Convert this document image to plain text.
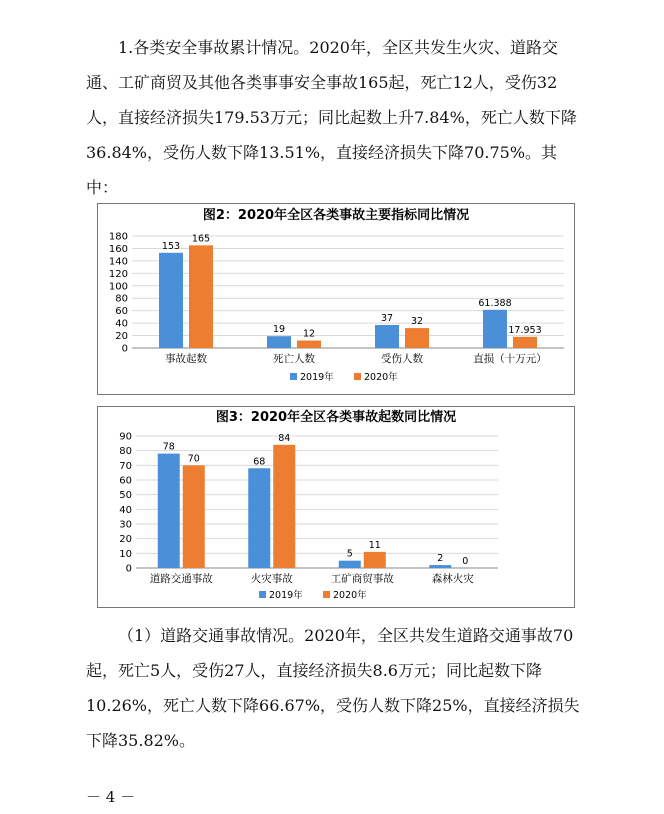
1.各类安全事故累计情况。2020年，全区共发生火灾、道路交通、工矿商贸及其他各类事事安全事故165起，死亡12人，受伤32人，直接经济损失179.53万元；同比起数上升7.84%，死亡人数下降36.84%，受伤人数下降13.51%，直接经济损失下降70.75%。其中：

图2：2020年全区各类事故主要指标同比情况
0
20
40
60
80
100
120
140
160
180
153
165
事故起数
19 12
死亡人数
37 32
受伤人数
61.388
17.953
直损（十万元）
2019年	2020年
图3：2020年全区各类事故起数同比情况
0
10
20
30
40
50
60
70
80
90
78
70
道路交通事故
68
84
火灾事故
5
11
工矿商贸事故
2 0
森林火灾
2019年	2020年

（1）道路交通事故情况。2020年，全区共发生道路交通事故70起，死亡5人，受伤27人，直接经济损失8.6万元；同比起数下降10.26%，死亡人数下降66.67%，受伤人数下降25%，直接经济损失下降35.82%。

－ 4 －
